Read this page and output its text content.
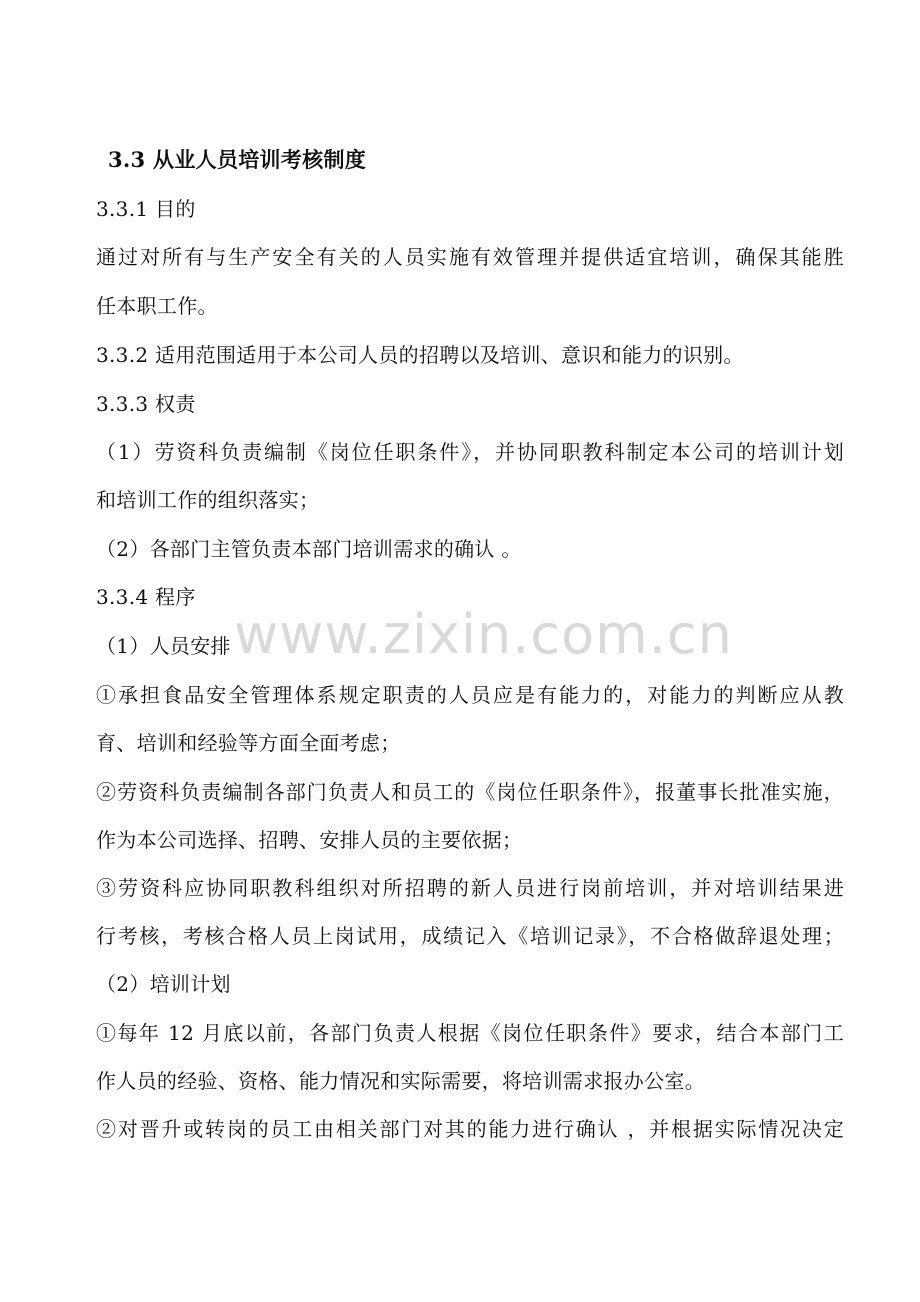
3.3 从业人员培训考核制度
3.3.1 目的
通过对所有与生产安全有关的人员实施有效管理并提供适宜培训，确保其能胜
任本职工作。
3.3.2 适用范围适用于本公司人员的招聘以及培训、意识和能力的识别。
3.3.3 权责
（1）劳资科负责编制《岗位任职条件》，并协同职教科制定本公司的培训计划
和培训工作的组织落实；
（2）各部门主管负责本部门培训需求的确认 。
3.3.4 程序
（1）人员安排
①承担食品安全管理体系规定职责的人员应是有能力的，对能力的判断应从教
育、培训和经验等方面全面考虑；
②劳资科负责编制各部门负责人和员工的《岗位任职条件》，报董事长批准实施，
作为本公司选择、招聘、安排人员的主要依据；
③劳资科应协同职教科组织对所招聘的新人员进行岗前培训，并对培训结果进
行考核，考核合格人员上岗试用，成绩记入《培训记录》，不合格做辞退处理；
（2）培训计划
①每年 12 月底以前，各部门负责人根据《岗位任职条件》要求，结合本部门工
作人员的经验、资格、能力情况和实际需要，将培训需求报办公室。
②对晋升或转岗的员工由相关部门对其的能力进行确认 ，并根据实际情况决定
www.zixin.com.cn
